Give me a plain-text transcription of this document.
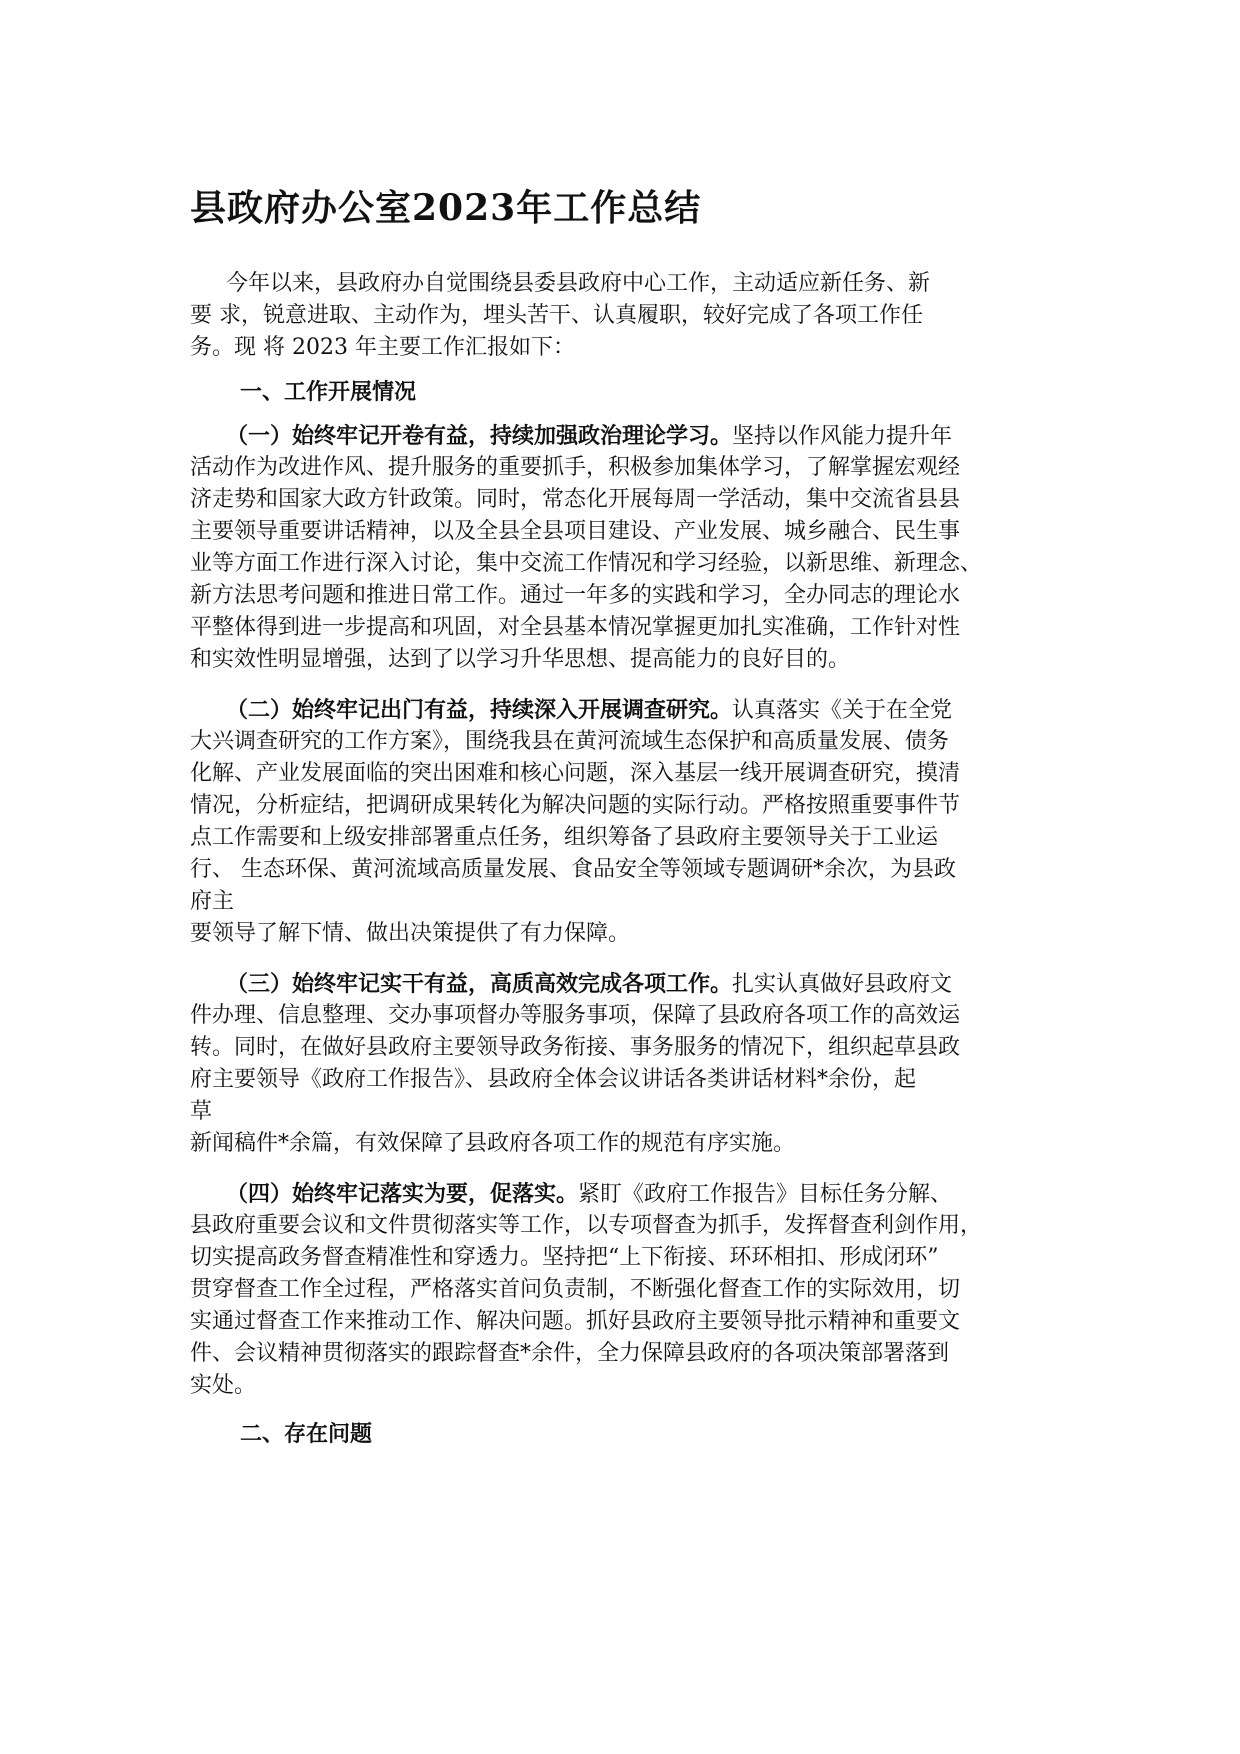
县政府办公室2023年工作总结

今年以来，县政府办自觉围绕县委县政府中心工作，主动适应新任务、新

要 求，锐意进取、主动作为，埋头苦干、认真履职，较好完成了各项工作任

务。现 将 2023 年主要工作汇报如下：

一、工作开展情况

（一）始终牢记开卷有益，持续加强政治理论学习。坚持以作风能力提升年

活动作为改进作风、提升服务的重要抓手，积极参加集体学习，了解掌握宏观经

济走势和国家大政方针政策。同时，常态化开展每周一学活动，集中交流省县县

主要领导重要讲话精神，以及全县全县项目建设、产业发展、城乡融合、民生事

业等方面工作进行深入讨论，集中交流工作情况和学习经验，以新思维、新理念、

新方法思考问题和推进日常工作。通过一年多的实践和学习，全办同志的理论水

平整体得到进一步提高和巩固，对全县基本情况掌握更加扎实准确，工作针对性

和实效性明显增强，达到了以学习升华思想、提高能力的良好目的。

（二）始终牢记出门有益，持续深入开展调查研究。认真落实《关于在全党

大兴调查研究的工作方案》，围绕我县在黄河流域生态保护和高质量发展、债务

化解、产业发展面临的突出困难和核心问题，深入基层一线开展调查研究，摸清

情况，分析症结，把调研成果转化为解决问题的实际行动。严格按照重要事件节

点工作需要和上级安排部署重点任务，组织筹备了县政府主要领导关于工业运

行、 生态环保、黄河流域高质量发展、食品安全等领域专题调研*余次，为县政

府主

要领导了解下情、做出决策提供了有力保障。

（三）始终牢记实干有益，高质高效完成各项工作。扎实认真做好县政府文

件办理、信息整理、交办事项督办等服务事项，保障了县政府各项工作的高效运

转。同时，在做好县政府主要领导政务衔接、事务服务的情况下，组织起草县政

府主要领导《政府工作报告》、县政府全体会议讲话各类讲话材料*余份，起

草

新闻稿件*余篇，有效保障了县政府各项工作的规范有序实施。

（四）始终牢记落实为要，促落实。紧盯《政府工作报告》目标任务分解、

县政府重要会议和文件贯彻落实等工作，以专项督查为抓手，发挥督查利剑作用，

切实提高政务督查精准性和穿透力。坚持把“上下衔接、环环相扣、形成闭环”

贯穿督查工作全过程，严格落实首问负责制，不断强化督查工作的实际效用，切

实通过督查工作来推动工作、解决问题。抓好县政府主要领导批示精神和重要文

件、会议精神贯彻落实的跟踪督查*余件，全力保障县政府的各项决策部署落到

实处。

二、存在问题
